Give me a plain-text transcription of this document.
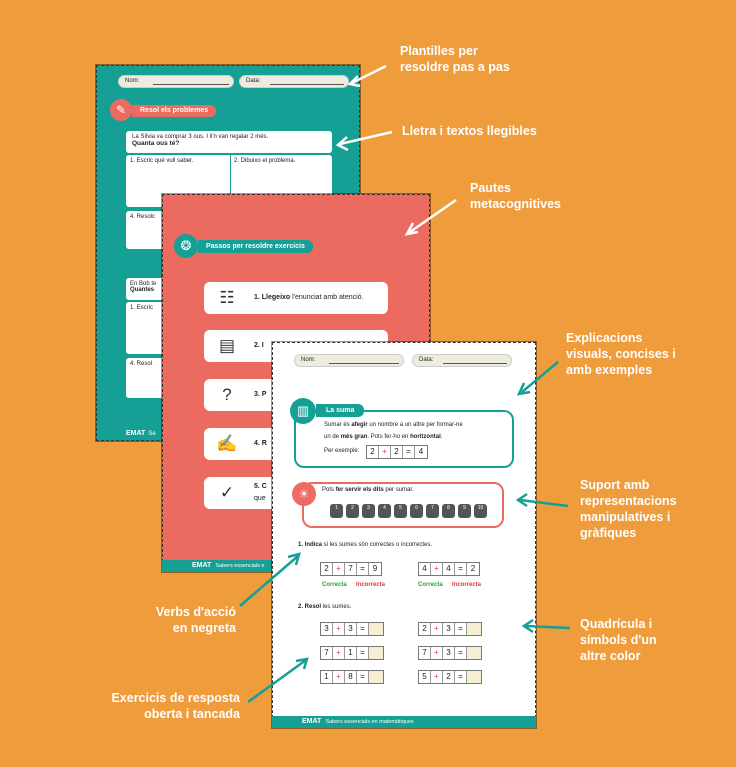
Nom:	Data:
✎	Resol els problemes
La Sílvia va comprar 3 ous. I li'n van regalar 2 més.
Quanta ous té?
1. Escric què vull saber.	2. Dibuixo el problema.
4. Resolc
En Bob te
Quantes
1. Escric
4. Resol
EMAT Se
❂	Passos per resoldre exercicis
☷	1. Llegeixo l'enunciat amb atenció.
▤	2. I
?	3. P
✍	4. R
✓	5. C
que
EMAT Sabers essencials e
Nom:	Data:
▥	La suma
Sumar és afegir un nombre a un altre per formar-ne
un de més gran. Pots fer-ho en horitzontal.
Per exemple:	2 + 2 = 4
☀	Pots fer servir els dits per sumar.
1. Indica si les sumes són correctes o incorrectes.
2 + 7 = 9	4 + 4 = 2
Correcta Incorrecta	Correcta Incorrecta
2. Resol les sumes.
EMAT Sabers essencials en matemàtiques
1	2	3	4	5	6	7	8	9	10
3 + 3 =	2 + 3 =
7 + 1 =	7 + 3 =
1 + 8 =	5 + 2 =
Plantilles per
resoldre pas a pas
Lletra i textos llegibles
Pautes
metacognitives
Explicacions
visuals, concises i
amb exemples
Suport amb
representacions
manipulatives i
gràfiques
Verbs d'acció
en negreta	Quadrícula i
símbols d'un
altre color
Exercicis de resposta
oberta i tancada
